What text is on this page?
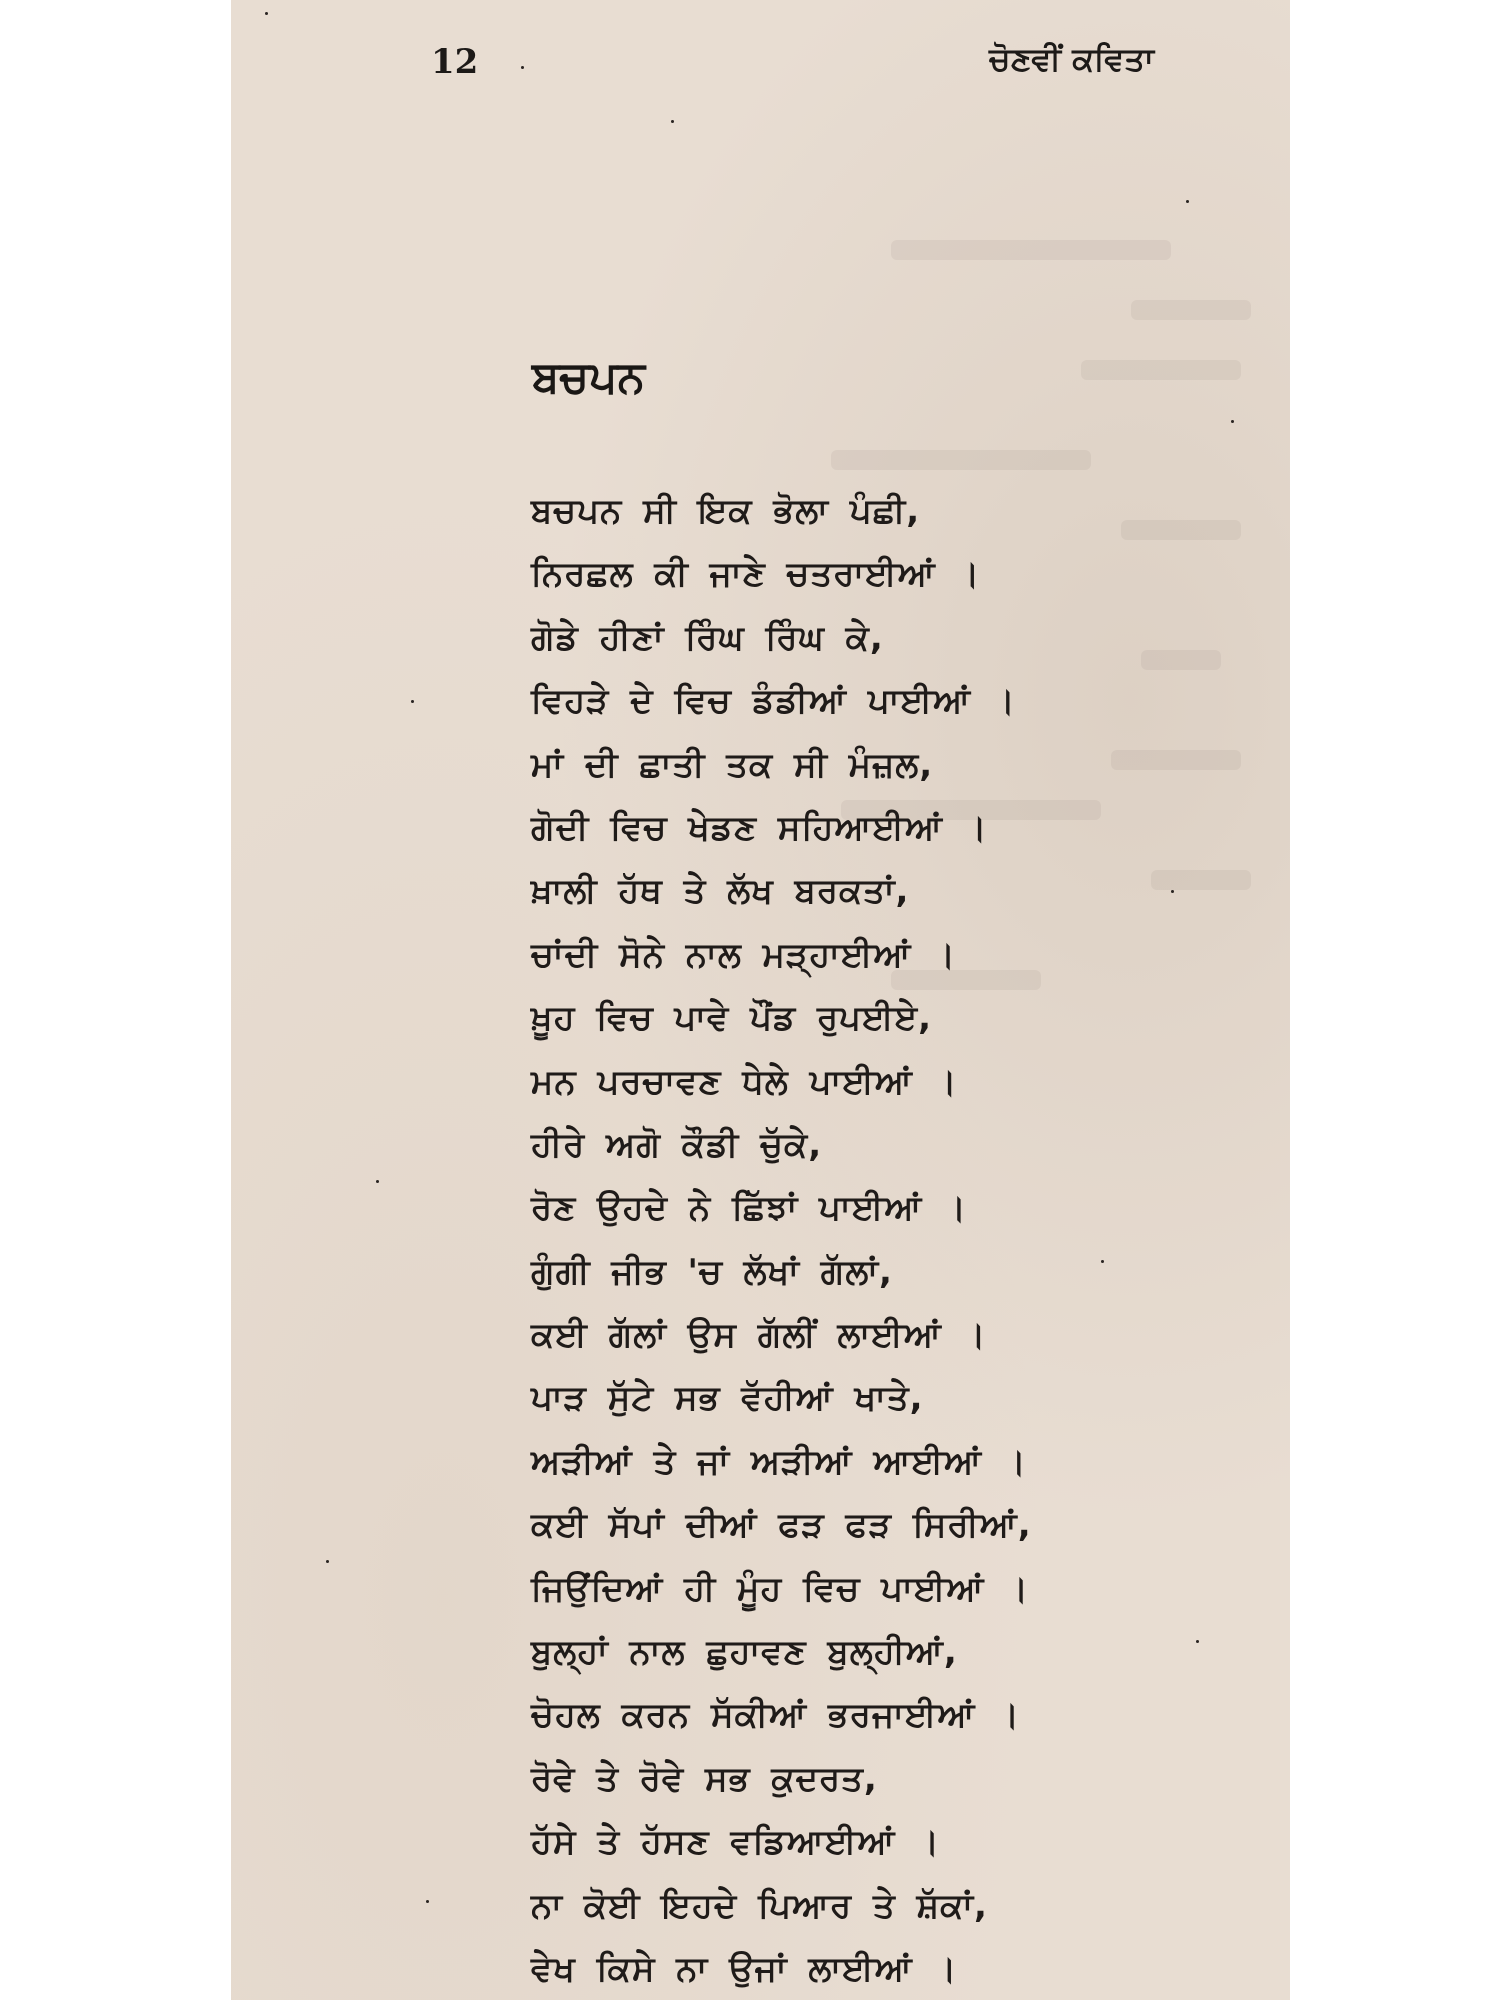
12	ਚੋਣਵੀਂ ਕਵਿਤਾ
ਬਚਪਨ
ਬਚਪਨ ਸੀ ਇਕ ਭੋਲਾ ਪੰਛੀ,
ਨਿਰਛਲ ਕੀ ਜਾਣੇ ਚਤਰਾਈਆਂ ।
ਗੋਡੇ ਹੀਣਾਂ ਰਿੰਘ ਰਿੰਘ ਕੇ,
ਵਿਹੜੇ ਦੇ ਵਿਚ ਡੰਡੀਆਂ ਪਾਈਆਂ ।
ਮਾਂ ਦੀ ਛਾਤੀ ਤਕ ਸੀ ਮੰਜ਼ਲ,
ਗੋਦੀ ਵਿਚ ਖੇਡਣ ਸਹਿਆਈਆਂ ।
ਖ਼ਾਲੀ ਹੱਥ ਤੇ ਲੱਖ ਬਰਕਤਾਂ,
ਚਾਂਦੀ ਸੋਨੇ ਨਾਲ ਮੜ੍ਹਾਈਆਂ ।
ਖ਼ੂਹ ਵਿਚ ਪਾਵੇ ਪੌਂਡ ਰੁਪਈਏ,
ਮਨ ਪਰਚਾਵਣ ਧੇਲੇ ਪਾਈਆਂ ।
ਹੀਰੇ ਅਗੋ ਕੌਡੀ ਚੁੱਕੇ,
ਰੋਣ ਉਹਦੇ ਨੇ ਛਿੱਝਾਂ ਪਾਈਆਂ ।
ਗੁੰਗੀ ਜੀਭ 'ਚ ਲੱਖਾਂ ਗੱਲਾਂ,
ਕਈ ਗੱਲਾਂ ਉਸ ਗੱਲੀਂ ਲਾਈਆਂ ।
ਪਾੜ ਸੁੱਟੇ ਸਭ ਵੱਹੀਆਂ ਖਾਤੇ,
ਅੜੀਆਂ ਤੇ ਜਾਂ ਅੜੀਆਂ ਆਈਆਂ ।
ਕਈ ਸੱਪਾਂ ਦੀਆਂ ਫੜ ਫੜ ਸਿਰੀਆਂ,
ਜਿਉਂਦਿਆਂ ਹੀ ਮੂੰਹ ਵਿਚ ਪਾਈਆਂ ।
ਬੁਲ੍ਹਾਂ ਨਾਲ ਛੁਹਾਵਣ ਬੁਲ੍ਹੀਆਂ,
ਚੋਹਲ ਕਰਨ ਸੱਕੀਆਂ ਭਰਜਾਈਆਂ ।
ਰੋਵੇ ਤੇ ਰੋਵੇ ਸਭ ਕੁਦਰਤ,
ਹੱਸੇ ਤੇ ਹੱਸਣ ਵਡਿਆਈਆਂ ।
ਨਾ ਕੋਈ ਇਹਦੇ ਪਿਆਰ ਤੇ ਸ਼ੱਕਾਂ,
ਵੇਖ ਕਿਸੇ ਨਾ ਉਜਾਂ ਲਾਈਆਂ ।
